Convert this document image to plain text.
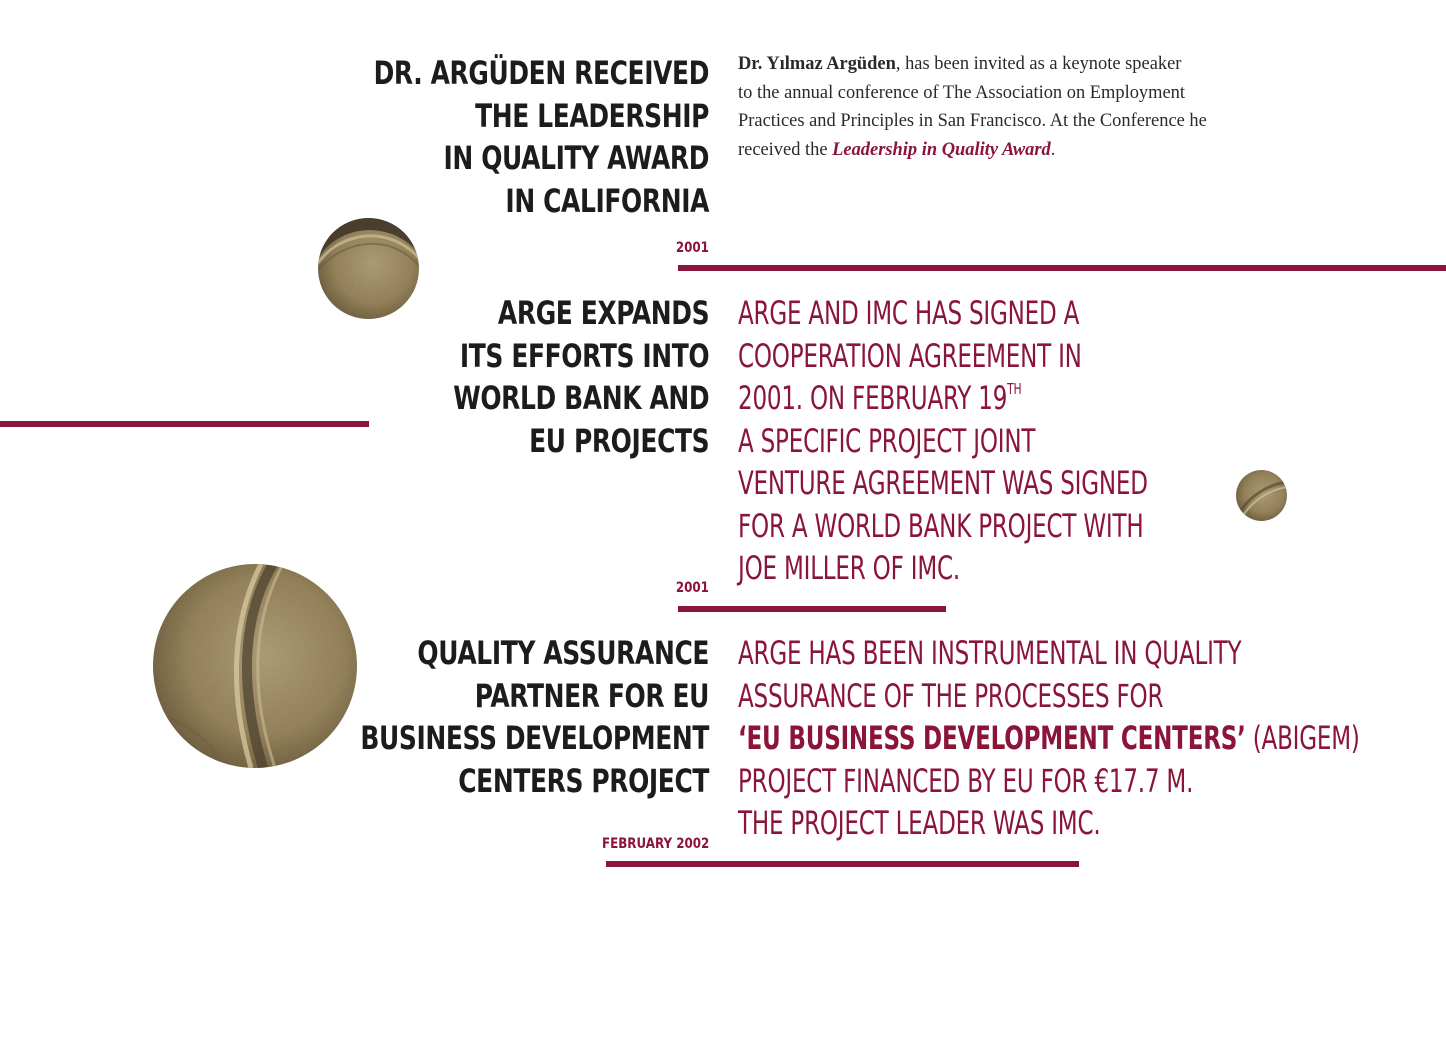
DR. ARGÜDEN RECEIVED
THE LEADERSHIP
IN QUALITY AWARD
IN CALIFORNIA
Dr. Yılmaz Argüden, has been invited as a keynote speaker
to the annual conference of The Association on Employment
Practices and Principles in San Francisco. At the Conference he
received the Leadership in Quality Award.
2001
ARGE EXPANDS
ITS EFFORTS INTO
WORLD BANK AND
EU PROJECTS
ARGE AND IMC HAS SIGNED A
COOPERATION AGREEMENT IN
2001. ON FEBRUARY 19TH
A SPECIFIC PROJECT JOINT
VENTURE AGREEMENT WAS SIGNED
FOR A WORLD BANK PROJECT WITH
JOE MILLER OF IMC.
2001
QUALITY ASSURANCE
PARTNER FOR EU
BUSINESS DEVELOPMENT
CENTERS PROJECT
ARGE HAS BEEN INSTRUMENTAL IN QUALITY
ASSURANCE OF THE PROCESSES FOR
‘EU BUSINESS DEVELOPMENT CENTERS’ (ABIGEM)
PROJECT FINANCED BY EU FOR €17.7 M.
THE PROJECT LEADER WAS IMC.
FEBRUARY 2002
